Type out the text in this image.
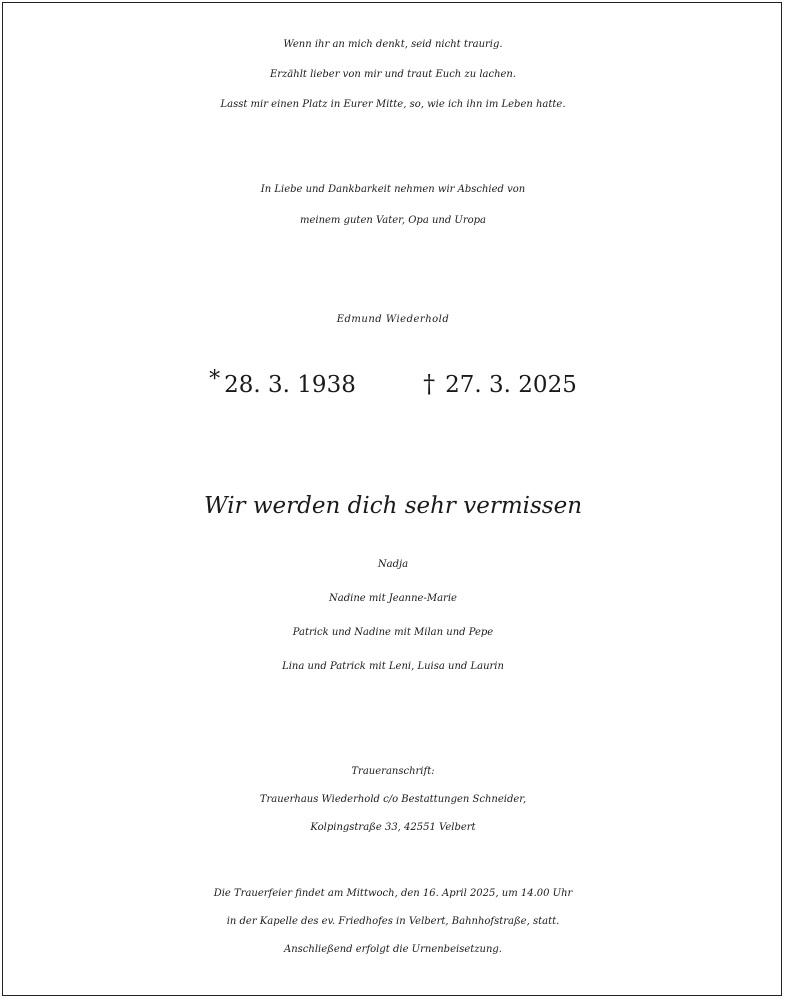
Wenn ihr an mich denkt, seid nicht traurig.
Erzählt lieber von mir und traut Euch zu lachen.
Lasst mir einen Platz in Eurer Mitte, so, wie ich ihn im Leben hatte.
In Liebe und Dankbarkeit nehmen wir Abschied von
meinem guten Vater, Opa und Uropa
Edmund Wiederhold
* 28. 3. 1938	† 27. 3. 2025
Wir werden dich sehr vermissen
Nadja
Nadine mit Jeanne-Marie
Patrick und Nadine mit Milan und Pepe
Lina und Patrick mit Leni, Luisa und Laurin
Traueranschrift:
Trauerhaus Wiederhold c/o Bestattungen Schneider,
Kolpingstraße 33, 42551 Velbert
Die Trauerfeier findet am Mittwoch, den 16. April 2025, um 14.00 Uhr
in der Kapelle des ev. Friedhofes in Velbert, Bahnhofstraße, statt.
Anschließend erfolgt die Urnenbeisetzung.
